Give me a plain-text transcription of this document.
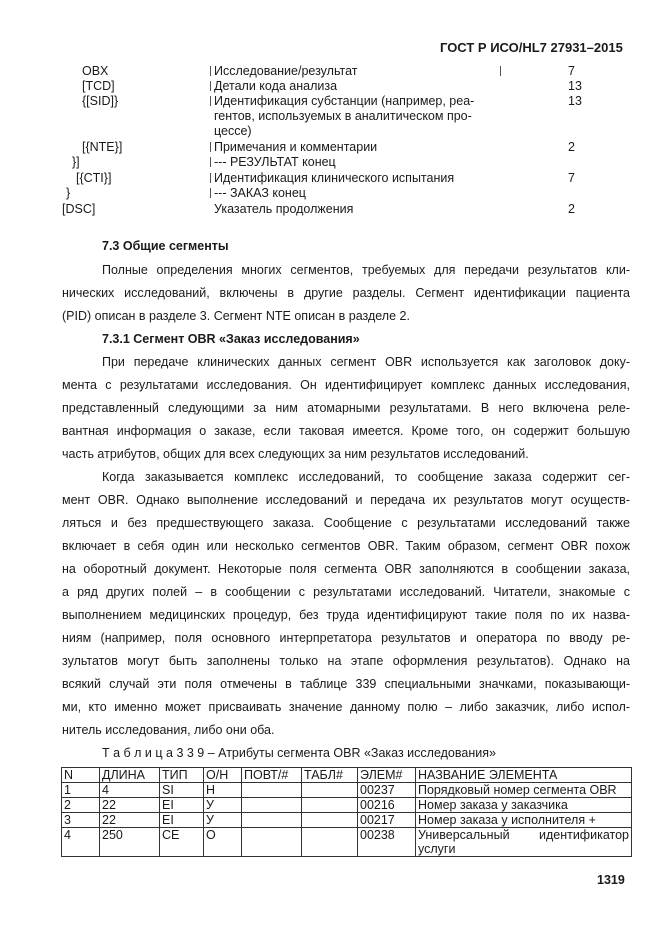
ГОСТ Р ИСО/HL7 27931–2015
OBX	Исследование/результат	7
[TCD]	Детали кода анализа	13
{[SID]}	Идентификация субстанции (например, реа-	13
гентов, используемых в аналитическом про-
цессе)
[{NTE}]	Примечания и комментарии	2
}]	--- РЕЗУЛЬТАТ конец
[{CTI}]	Идентификация клинического испытания	7
}	--- ЗАКАЗ конец
[DSC]	Указатель продолжения	2
7.3 Общие сегменты
Полные определения многих сегментов, требуемых для передачи результатов кли-
нических исследований, включены в другие разделы. Сегмент идентификации пациента
(PID) описан в разделе 3. Сегмент NTE описан в разделе 2.
7.3.1 Сегмент OBR «Заказ исследования»
При передаче клинических данных сегмент OBR используется как заголовок доку-
мента с результатами исследования. Он идентифицирует комплекс данных исследования,
представленный следующими за ним атомарными результатами. В него включена реле-
вантная информация о заказе, если таковая имеется. Кроме того, он содержит большую
часть атрибутов, общих для всех следующих за ним результатов исследований.
Когда заказывается комплекс исследований, то сообщение заказа содержит сег-
мент OBR. Однако выполнение исследований и передача их результатов могут осуществ-
ляться и без предшествующего заказа. Сообщение с результатами исследований также
включает в себя один или несколько сегментов OBR. Таким образом, сегмент OBR похож
на оборотный документ. Некоторые поля сегмента OBR заполняются в сообщении заказа,
а ряд других полей – в сообщении с результатами исследований. Читатели, знакомые с
выполнением медицинских процедур, без труда идентифицируют такие поля по их назва-
ниям (например, поля основного интерпретатора результатов и оператора по вводу ре-
зультатов могут быть заполнены только на этапе оформления результатов). Однако на
всякий случай эти поля отмечены в таблице 339 специальными значками, показывающи-
ми, кто именно может присваивать значение данному полю – либо заказчик, либо испол-
нитель исследования, либо они оба.
Т а б л и ц а 3 3 9 – Атрибуты сегмента OBR «Заказ исследования»
N	ДЛИНА	ТИП	О/Н	ПОВТ/#	ТАБЛ#	ЭЛЕМ#	НАЗВАНИЕ ЭЛЕМЕНТА
1	4	SI	Н			00237	Порядковый номер сегмента OBR
2	22	EI	У			00216	Номер заказа у заказчика
3	22	EI	У			00217	Номер заказа у исполнителя +
4	250	CE	О			00238	Универсальный идентификатор услуги
1319
